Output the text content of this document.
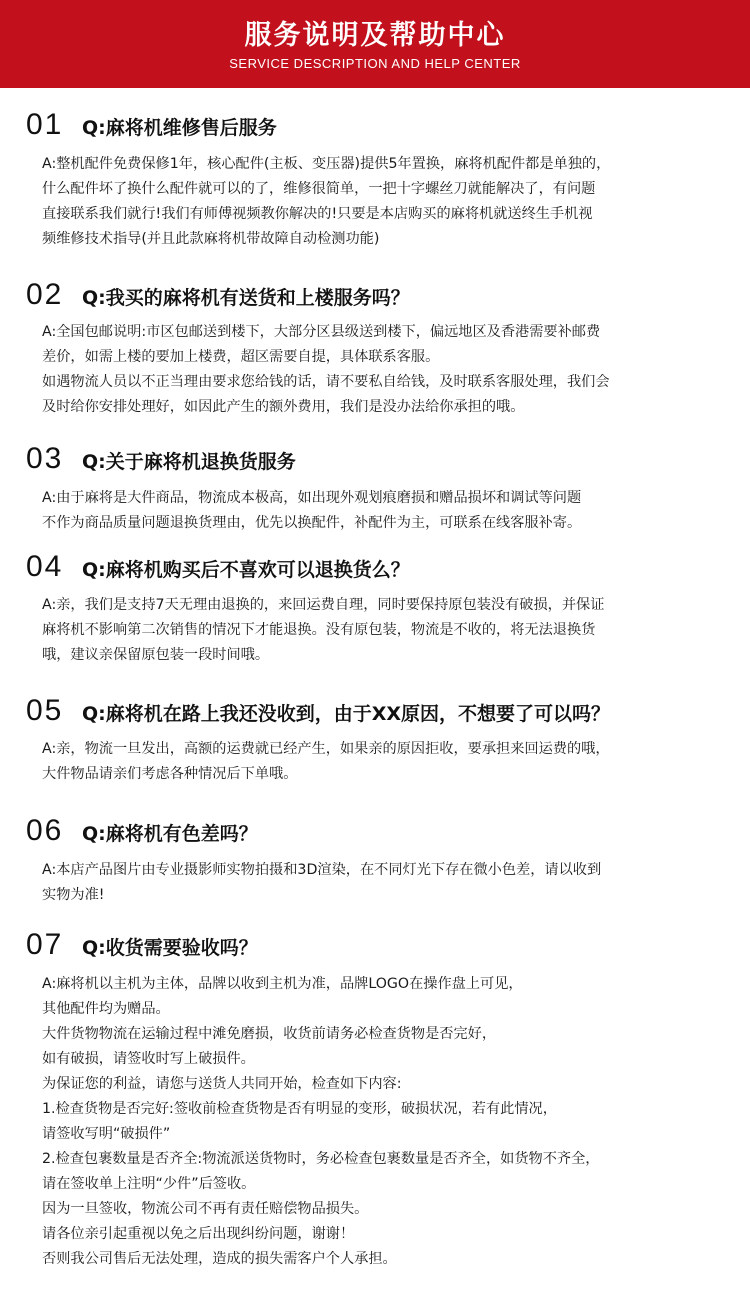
服务说明及帮助中心
SERVICE DESCRIPTION AND HELP CENTER
01 Q:麻将机维修售后服务
A:整机配件免费保修1年，核心配件(主板、变压器)提供5年置换，麻将机配件都是单独的，
什么配件坏了换什么配件就可以的了，维修很简单，一把十字螺丝刀就能解决了，有问题
直接联系我们就行!我们有师傅视频教你解决的!只要是本店购买的麻将机就送终生手机视
频维修技术指导(并且此款麻将机带故障自动检测功能)
02 Q:我买的麻将机有送货和上楼服务吗？
A:全国包邮说明:市区包邮送到楼下，大部分区县级送到楼下，偏远地区及香港需要补邮费
差价，如需上楼的要加上楼费，超区需要自提，具体联系客服。
如遇物流人员以不正当理由要求您给钱的话，请不要私自给钱，及时联系客服处理，我们会
及时给你安排处理好，如因此产生的额外费用，我们是没办法给你承担的哦。
03 Q:关于麻将机退换货服务
A:由于麻将是大件商品，物流成本极高，如出现外观划痕磨损和赠品损坏和调试等问题
不作为商品质量问题退换货理由，优先以换配件，补配件为主，可联系在线客服补寄。
04 Q:麻将机购买后不喜欢可以退换货么？
A:亲，我们是支持7天无理由退换的，来回运费自理，同时要保持原包装没有破损，并保证
麻将机不影响第二次销售的情况下才能退换。没有原包装，物流是不收的，将无法退换货
哦，建议亲保留原包装一段时间哦。
05 Q:麻将机在路上我还没收到，由于XX原因，不想要了可以吗？
A:亲，物流一旦发出，高额的运费就已经产生，如果亲的原因拒收，要承担来回运费的哦，
大件物品请亲们考虑各种情况后下单哦。
06 Q:麻将机有色差吗？
A:本店产品图片由专业摄影师实物拍摄和3D渲染，在不同灯光下存在微小色差，请以收到
实物为准!
07 Q:收货需要验收吗？
A:麻将机以主机为主体，品牌以收到主机为准，品牌LOGO在操作盘上可见，
其他配件均为赠品。
大件货物物流在运输过程中滩免磨损，收货前请务必检查货物是否完好，
如有破损，请签收时写上破损件。
为保证您的利益，请您与送货人共同开始，检查如下内容:
1.检查货物是否完好:签收前检查货物是否有明显的变形，破损状况，若有此情况，
请签收写明“破损件”
2.检查包裹数量是否齐全:物流派送货物时，务必检查包裹数量是否齐全，如货物不齐全，
请在签收单上注明“少件”后签收。
因为一旦签收，物流公司不再有责任赔偿物品损失。
请各位亲引起重视以免之后出现纠纷问题，谢谢！
否则我公司售后无法处理，造成的损失需客户个人承担。
